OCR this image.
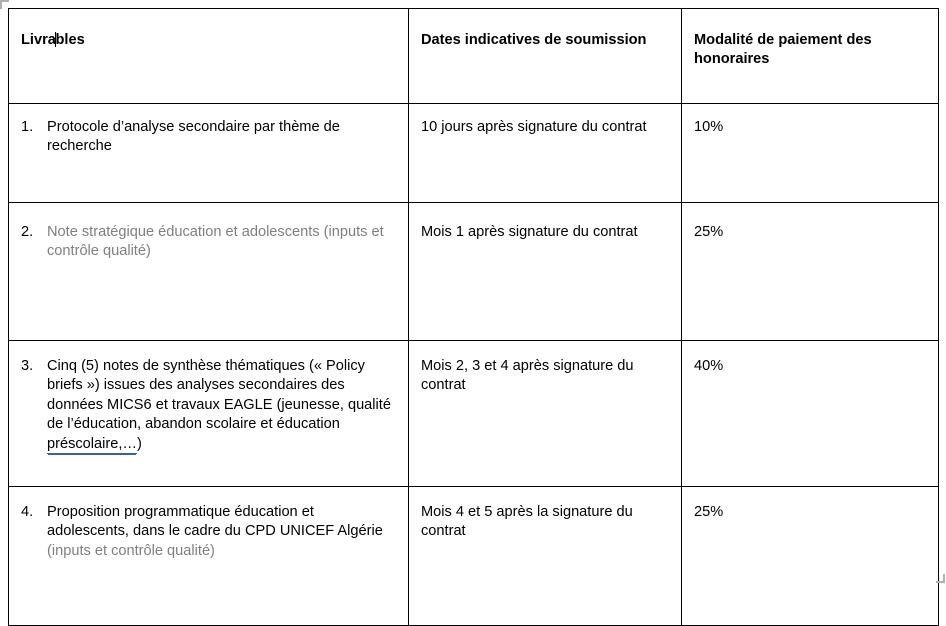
Livrables	Dates indicatives de soumission	Modalité de paiement des honoraires

1. Protocole d’analyse secondaire par thème de recherche	10 jours après signature du contrat	10%

2. Note stratégique éducation et adolescents (inputs et contrôle qualité)	Mois 1 après signature du contrat	25%

3. Cinq (5) notes de synthèse thématiques (« Policy briefs ») issues des analyses secondaires des données MICS6 et travaux EAGLE (jeunesse, qualité de l’éducation, abandon scolaire et éducation préscolaire,…)	Mois 2, 3 et 4 après signature du contrat	40%

4. Proposition programmatique éducation et adolescents, dans le cadre du CPD UNICEF Algérie (inputs et contrôle qualité)	Mois 4 et 5 après la signature du contrat	25%
